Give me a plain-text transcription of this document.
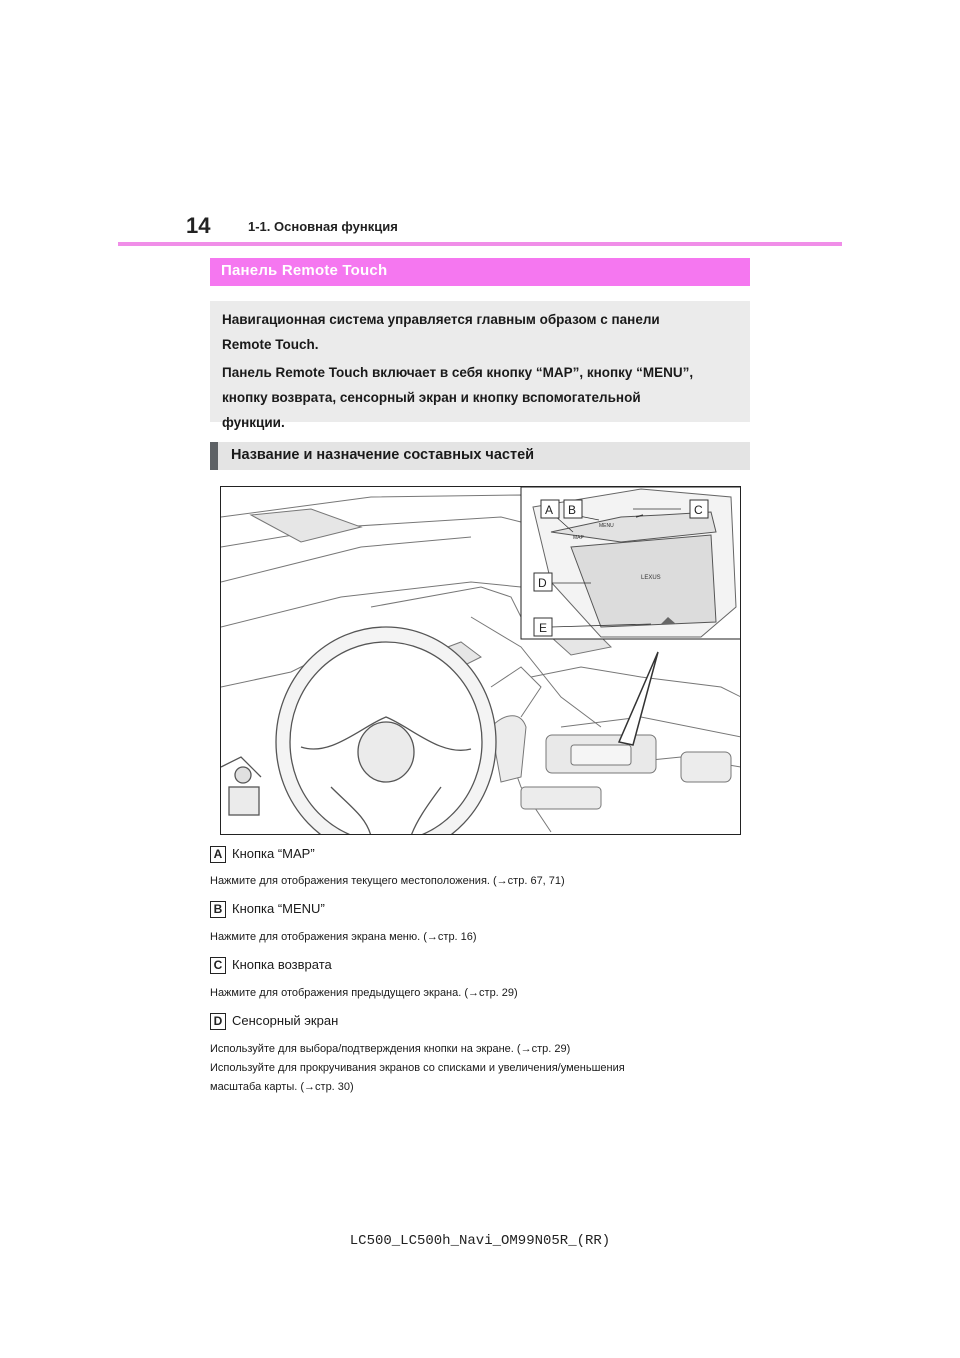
14	1-1. Основная функция
Панель Remote Touch

Навигационная система управляется главным образом с панели

Remote Touch.

Панель Remote Touch включает в себя кнопку “MAP”, кнопку “MENU”,

кнопку возврата, сенсорный экран и кнопку вспомогательной

функции.

Название и назначение составных частей
MAP
MENU
LEXUS
A B	C
D
E
A Кнопка “MAP”
Нажмите для отображения текущего местоположения. (→стр. 67, 71)
B Кнопка “MENU”
Нажмите для отображения экрана меню. (→стр. 16)
C Кнопка возврата
Нажмите для отображения предыдущего экрана. (→стр. 29)
D Сенсорный экран
Используйте для выбора/подтверждения кнопки на экране. (→стр. 29)
Используйте для прокручивания экранов со списками и увеличения/уменьшения
масштаба карты. (→стр. 30)
LC500_LC500h_Navi_OM99N05R_(RR)
